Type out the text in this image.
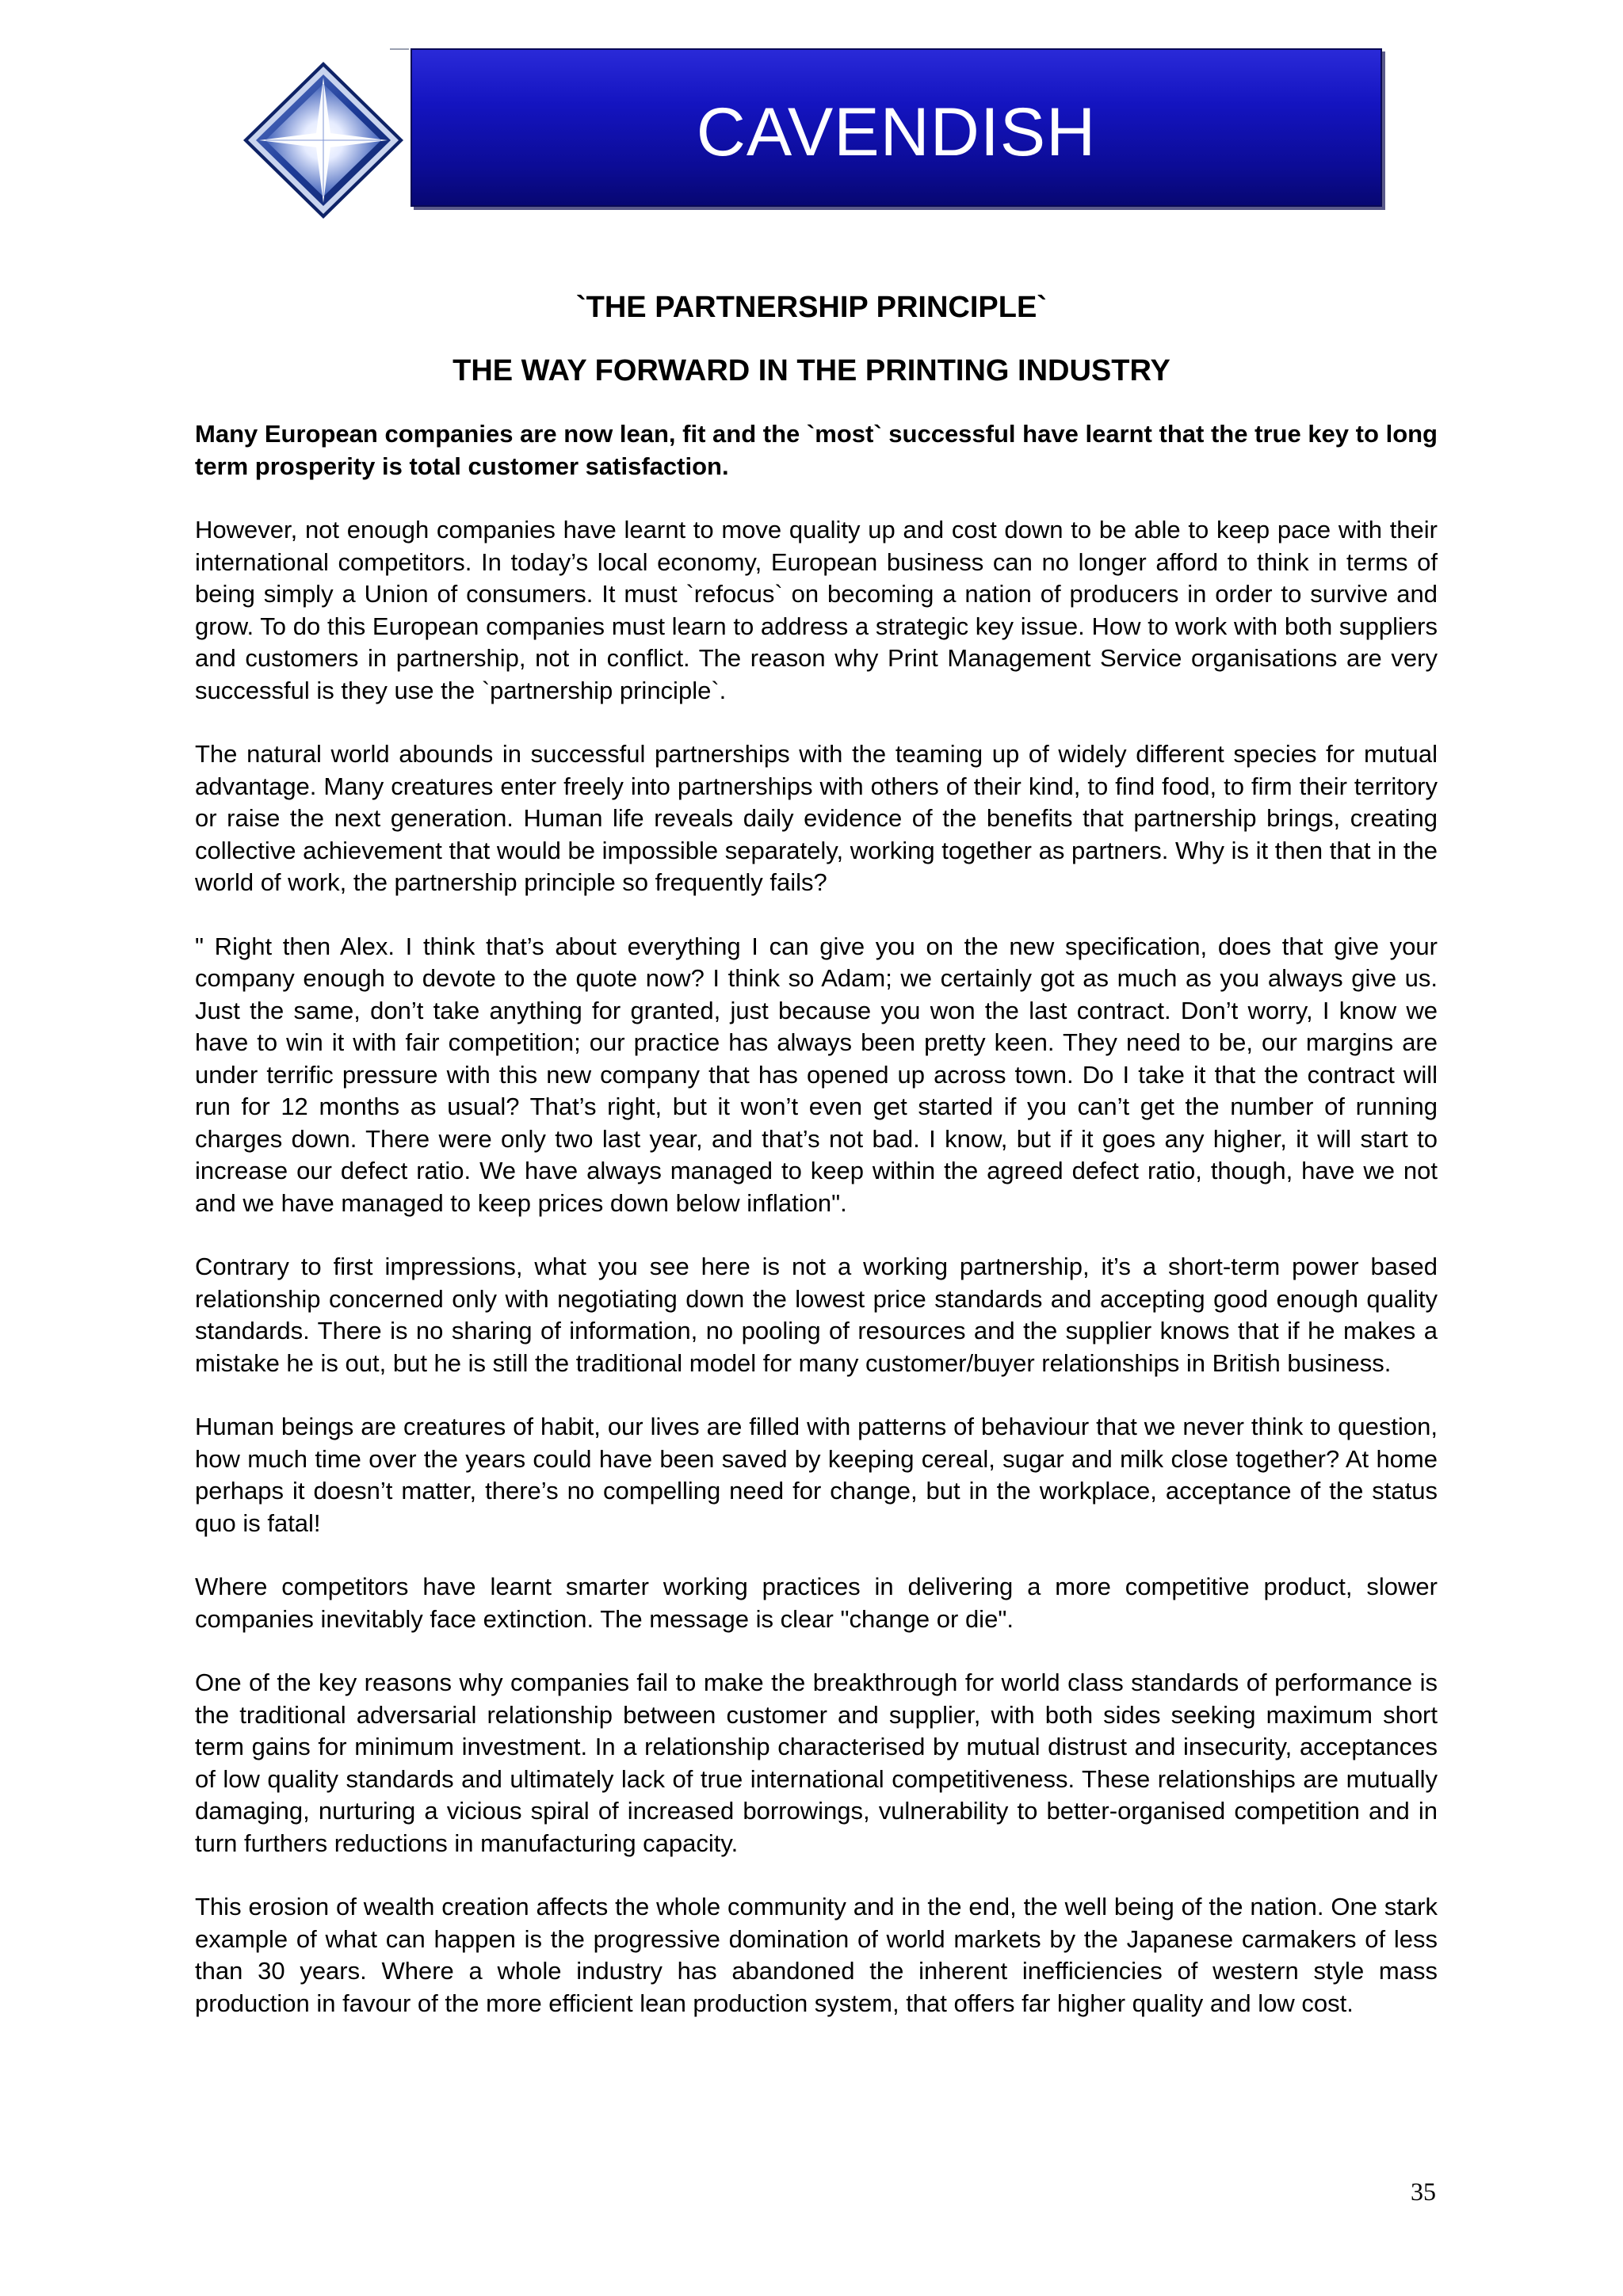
CAVENDISH
`THE PARTNERSHIP PRINCIPLE`
THE WAY FORWARD IN THE PRINTING INDUSTRY

Many European companies are now lean, fit and the `most` successful have learnt that the true key to long term prosperity is total customer satisfaction.

However, not enough companies have learnt to move quality up and cost down to be able to keep pace with their international competitors. In today’s local economy, European business can no longer afford to think in terms of being simply a Union of consumers. It must `refocus` on becoming a nation of producers in order to survive and grow. To do this European companies must learn to address a strategic key issue. How to work with both suppliers and customers in partnership, not in conflict. The reason why Print Management Service organisations are very successful is they use the `partnership principle`.

The natural world abounds in successful partnerships with the teaming up of widely different species for mutual advantage. Many creatures enter freely into partnerships with others of their kind, to find food, to firm their territory or raise the next generation. Human life reveals daily evidence of the benefits that partnership brings, creating collective achievement that would be impossible separately, working together as partners. Why is it then that in the world of work, the partnership principle so frequently fails?

" Right then Alex. I think that’s about everything I can give you on the new specification, does that give your company enough to devote to the quote now? I think so Adam; we certainly got as much as you always give us. Just the same, don’t take anything for granted, just because you won the last contract. Don’t worry, I know we have to win it with fair competition; our practice has always been pretty keen. They need to be, our margins are under terrific pressure with this new company that has opened up across town. Do I take it that the contract will run for 12 months as usual? That’s right, but it won’t even get started if you can’t get the number of running charges down. There were only two last year, and that’s not bad. I know, but if it goes any higher, it will start to increase our defect ratio. We have always managed to keep within the agreed defect ratio, though, have we not and we have managed to keep prices down below inflation".

Contrary to first impressions, what you see here is not a working partnership, it’s a short-term power based relationship concerned only with negotiating down the lowest price standards and accepting good enough quality standards. There is no sharing of information, no pooling of resources and the supplier knows that if he makes a mistake he is out, but he is still the traditional model for many customer/buyer relationships in British business.

Human beings are creatures of habit, our lives are filled with patterns of behaviour that we never think to question, how much time over the years could have been saved by keeping cereal, sugar and milk close together? At home perhaps it doesn’t matter, there’s no compelling need for change, but in the workplace, acceptance of the status quo is fatal!

Where competitors have learnt smarter working practices in delivering a more competitive product, slower companies inevitably face extinction. The message is clear "change or die".

One of the key reasons why companies fail to make the breakthrough for world class standards of performance is the traditional adversarial relationship between customer and supplier, with both sides seeking maximum short term gains for minimum investment. In a relationship characterised by mutual distrust and insecurity, acceptances of low quality standards and ultimately lack of true international competitiveness. These relationships are mutually damaging, nurturing a vicious spiral of increased borrowings, vulnerability to better-organised competition and in turn furthers reductions in manufacturing capacity.

This erosion of wealth creation affects the whole community and in the end, the well being of the nation. One stark example of what can happen is the progressive domination of world markets by the Japanese carmakers of less than 30 years. Where a whole industry has abandoned the inherent inefficiencies of western style mass production in favour of the more efficient lean production system, that offers far higher quality and low cost.

35
